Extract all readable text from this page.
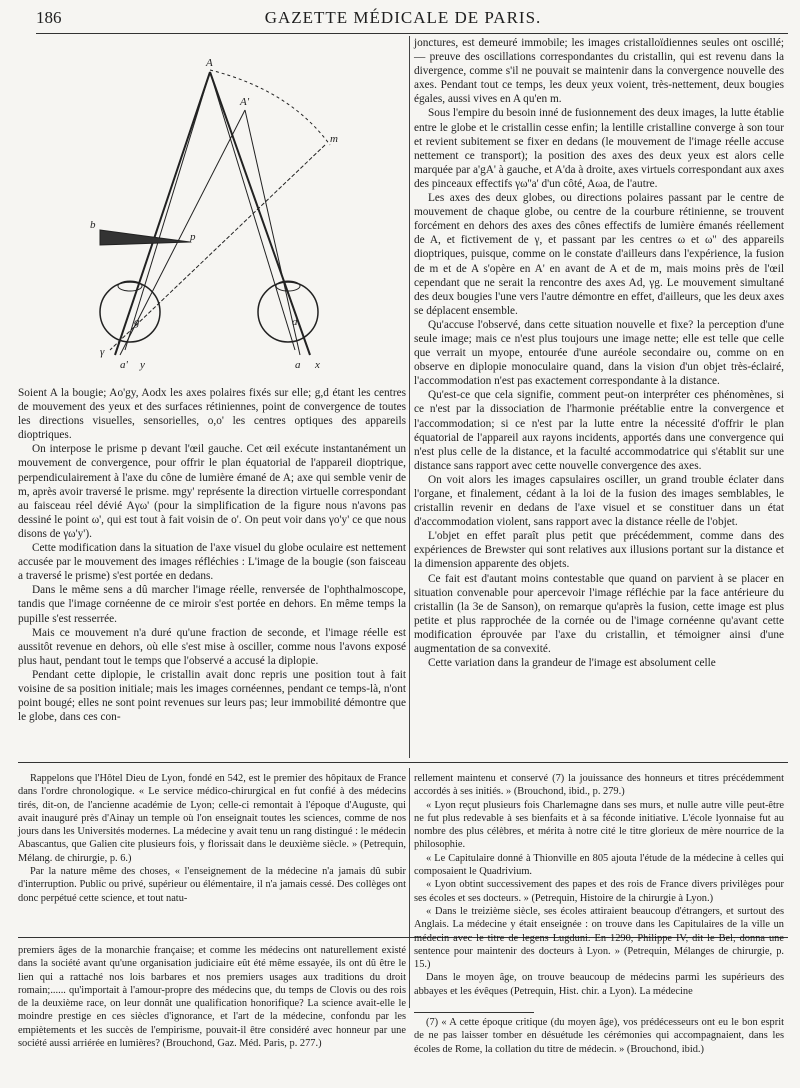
186	GAZETTE MÉDICALE DE PARIS.
A
A'
m
b
p
γ
a' y	a x
d
g

Soient A la bougie; Ao'gy, Aodx les axes polaires fixés sur elle; g,d étant les centres de mouvement des yeux et des surfaces rétiniennes, point de convergence de toutes les directions visuelles, sensorielles, o,o' les centres optiques des appareils dioptriques.

On interpose le prisme p devant l'œil gauche. Cet œil exécute instantanément un mouvement de convergence, pour offrir le plan équatorial de l'appareil dioptrique, perpendiculairement à l'axe du cône de lumière émané de A; axe qui semble venir de m, après avoir traversé le prisme. mgy' représente la direction virtuelle correspondant au faisceau réel dévié Aγω' (pour la simplification de la figure nous n'avons pas dessiné le point ω', qui est tout à fait voisin de o'. On peut voir dans γo'y' ce que nous disons de γω'y').

Cette modification dans la situation de l'axe visuel du globe oculaire est nettement accusée par le mouvement des images réfléchies : L'image de la bougie (son faisceau a traversé le prisme) s'est portée en dedans.

Dans le même sens a dû marcher l'image réelle, renversée de l'ophthalmoscope, tandis que l'image cornéenne de ce miroir s'est portée en dehors. En même temps la pupille s'est resserrée.

Mais ce mouvement n'a duré qu'une fraction de seconde, et l'image réelle est aussitôt revenue en dehors, où elle s'est mise à osciller, comme nous l'avons exposé plus haut, pendant tout le temps que l'observé a accusé la diplopie.

Pendant cette diplopie, le cristallin avait donc repris une position tout à fait voisine de sa position initiale; mais les images cornéennes, pendant ce temps-là, n'ont point bougé; elles ne sont point revenues sur leurs pas; leur immobilité démontre que le globe, dans ces con-

jonctures, est demeuré immobile; les images cristalloïdiennes seules ont oscillé; — preuve des oscillations correspondantes du cristallin, qui est revenu dans la divergence, comme s'il ne pouvait se maintenir dans la convergence nouvelle des axes. Pendant tout ce temps, les deux yeux voient, très-nettement, deux bougies égales, aussi vives en A qu'en m.

Sous l'empire du besoin inné de fusionnement des deux images, la lutte établie entre le globe et le cristallin cesse enfin; la lentille cristalline converge à son tour et revient subitement se fixer en dedans (le mouvement de l'image réelle accuse nettement ce transport); la position des axes des deux yeux est alors celle marquée par a'gA' à gauche, et A'da à droite, axes virtuels correspondant aux axes des pinceaux effectifs γω''a' d'un côté, Aωa, de l'autre.

Les axes des deux globes, ou directions polaires passant par le centre de mouvement de chaque globe, ou centre de la courbure rétinienne, se trouvent forcément en dehors des axes des cônes effectifs de lumière émanés réellement de A, et fictivement de γ, et passant par les centres ω et ω'' des appareils dioptriques, puisque, comme on le constate d'ailleurs dans l'expérience, la fusion de m et de A s'opère en A' en avant de A et de m, mais moins près de l'œil cependant que ne serait la rencontre des axes Ad, γg. Le mouvement simultané des deux bougies l'une vers l'autre démontre en effet, d'ailleurs, que les deux axes se déplacent ensemble.

Qu'accuse l'observé, dans cette situation nouvelle et fixe? la perception d'une seule image; mais ce n'est plus toujours une image nette; elle est telle que celle que verrait un myope, entourée d'une auréole secondaire ou, comme on en observe en diplopie monoculaire quand, dans la vision d'un objet très-éclairé, l'accommodation n'est pas exactement correspondante à la distance.

Qu'est-ce que cela signifie, comment peut-on interpréter ces phénomènes, si ce n'est par la dissociation de l'harmonie préétablie entre la convergence et l'accommodation; si ce n'est par la lutte entre la nécessité d'offrir le plan équatorial de l'appareil aux rayons incidents, apportés dans une convergence qui n'est plus celle de la distance, et la faculté accommodatrice qui s'établit sur une distance sans rapport avec cette nouvelle convergence des axes.

On voit alors les images capsulaires osciller, un grand trouble éclater dans l'organe, et finalement, cédant à la loi de la fusion des images semblables, le cristallin revenir en dedans de l'axe visuel et se constituer dans un état d'accommodation violent, sans rapport avec la distance réelle de l'objet.

L'objet en effet paraît plus petit que précédemment, comme dans des expériences de Brewster qui sont relatives aux illusions portant sur la distance et la dimension apparente des objets.

Ce fait est d'autant moins contestable que quand on parvient à se placer en situation convenable pour apercevoir l'image réfléchie par la face antérieure du cristallin (la 3e de Sanson), on remarque qu'après la fusion, cette image est plus petite et plus rapprochée de la cornée ou de l'image cornéenne qu'avant cette modification éprouvée par l'axe du cristallin, et témoigner ainsi d'une augmentation de sa convexité.

Cette variation dans la grandeur de l'image est absolument celle

Rappelons que l'Hôtel Dieu de Lyon, fondé en 542, est le premier des hôpitaux de France dans l'ordre chronologique. « Le service médico-chirurgical en fut confié à des médecins tirés, dit-on, de l'ancienne académie de Lyon; celle-ci remontait à l'époque d'Auguste, qui avait inauguré près d'Ainay un temple où l'on enseignait toutes les sciences, comme de nos jours dans les Universités modernes. La médecine y avait tenu un rang distingué : le médecin Abascantus, que Galien cite plusieurs fois, y florissait dans le deuxième siècle. » (Petrequin, Mélang. de chirurgie, p. 6.)

Par la nature même des choses, « l'enseignement de la médecine n'a jamais dû subir d'interruption. Public ou privé, supérieur ou élémentaire, il n'a jamais cessé. Des collèges ont donc perpétué cette science, et tout natu-

premiers âges de la monarchie française; et comme les médecins ont naturellement existé dans la société avant qu'une organisation judiciaire eût été même essayée, ils ont dû être le lien qui a rattaché nos lois barbares et nos premiers usages aux traditions du droit romain;...... qu'importait à l'amour-propre des médecins que, du temps de Clovis ou des rois de la deuxième race, on leur donnât une qualification honorifique? La science avait-elle le moindre prestige en ces siècles d'ignorance, et l'art de la médecine, confondu par les empiètements et les succès de l'empirisme, pouvait-il être considéré avec honneur par une société aussi arriérée en lumières? (Brouchond, Gaz. Méd. Paris, p. 277.)

rellement maintenu et conservé (7) la jouissance des honneurs et titres précédemment accordés à ses initiés. » (Brouchond, ibid., p. 279.)

« Lyon reçut plusieurs fois Charlemagne dans ses murs, et nulle autre ville peut-être ne fut plus redevable à ses bienfaits et à sa féconde initiative. L'école lyonnaise fut au nombre des plus célèbres, et mérita à notre cité le titre glorieux de mère nourrice de la philosophie.

« Le Capitulaire donné à Thionville en 805 ajouta l'étude de la médecine à celles qui composaient le Quadrivium.

« Lyon obtint successivement des papes et des rois de France divers privilèges pour ses écoles et ses docteurs. » (Petrequin, Histoire de la chirurgie à Lyon.)

« Dans le treizième siècle, ses écoles attiraient beaucoup d'étrangers, et surtout des Anglais. La médecine y était enseignée : on trouve dans les Capitulaires de la ville un médecin avec le titre de legens Lugduni. En 1290, Philippe IV, dit le Bel, donna une sentence pour maintenir des docteurs à Lyon. » (Petrequin, Mélanges de chirurgie, p. 15.)

Dans le moyen âge, on trouve beaucoup de médecins parmi les supérieurs des abbayes et les évêques (Petrequin, Hist. chir. a Lyon). La médecine

(7) « A cette époque critique (du moyen âge), vos prédécesseurs ont eu le bon esprit de ne pas laisser tomber en désuétude les cérémonies qui accompagnaient, dans les écoles de Rome, la collation du titre de médecin. » (Brouchond, ibid.)
